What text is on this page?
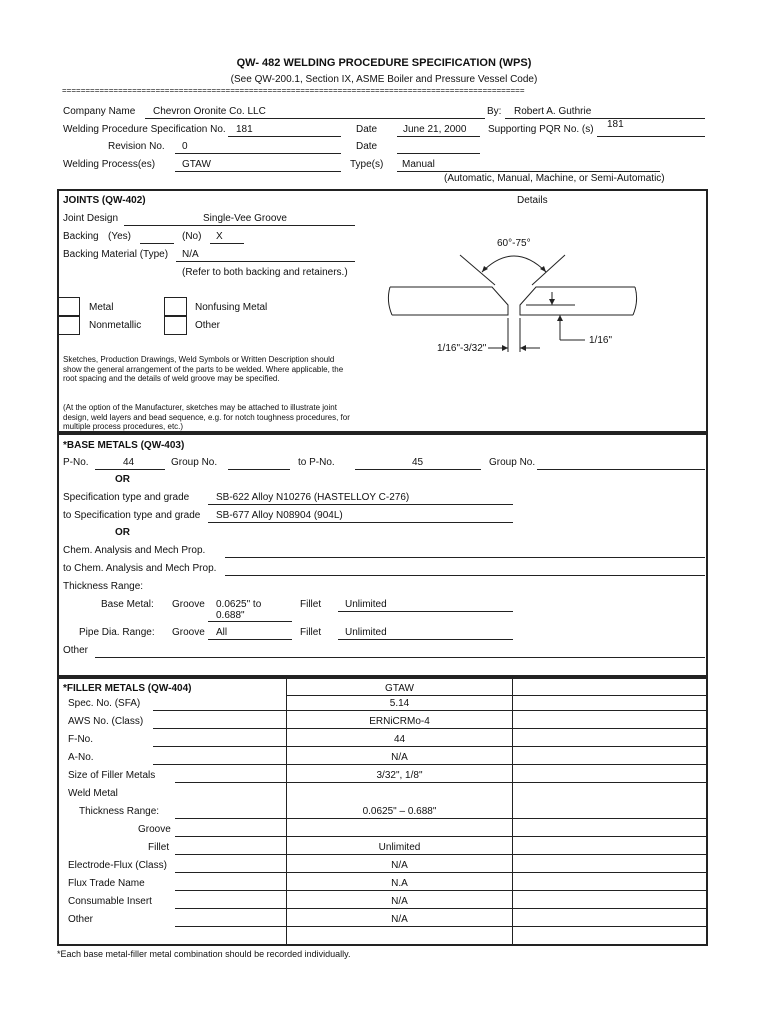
QW- 482 WELDING PROCEDURE SPECIFICATION (WPS)
(See QW-200.1, Section IX, ASME Boiler and Pressure Vessel Code)
===================================================================================================
Company Name Chevron Oronite Co. LLC	By: Robert A. Guthrie
Welding Procedure Specification No. 181	Date	June 21, 2000 Supporting PQR No. (s) 181
Revision No. 0	Date
Welding Process(es)	GTAW	Type(s) Manual
(Automatic, Manual, Machine, or Semi-Automatic)
JOINTS (QW-402)	Details
Joint Design	Single-Vee Groove
Backing (Yes)	(No) X
Backing Material (Type) N/A
(Refer to both backing and retainers.)
Metal
Nonmetallic
Nonfusing Metal
Other
Sketches, Production Drawings, Weld Symbols or Written Description should show the general arrangement of the parts to be welded. Where applicable, the root spacing and the details of weld groove may be specified.
(At the option of the Manufacturer, sketches may be attached to illustrate joint design, weld layers and bead sequence, e.g. for notch toughness procedures, for multiple process procedures, etc.)
60°-75°
1/16"-3/32"
1/16"
*BASE METALS (QW-403)
P-No.	44	Group No.	to P-No.	45	Group No.
OR
Specification type and grade	SB-622 Alloy N10276 (HASTELLOY C-276)
to Specification type and grade SB-677 Alloy N08904 (904L)
OR
Chem. Analysis and Mech Prop.
to Chem. Analysis and Mech Prop.
Thickness Range:
Base Metal: Groove 0.0625" to
0.688"
Fillet Unlimited
Pipe Dia. Range: Groove All	Fillet Unlimited
Other
*FILLER METALS (QW-404)	GTAW
Spec. No. (SFA)	5.14
AWS No. (Class)	ERNiCRMo-4
F-No.	44
A-No.	N/A
Size of Filler Metals	3/32", 1/8"
Weld Metal
Thickness Range:	0.0625" – 0.688"
Groove
Fillet	Unlimited
Electrode-Flux (Class)	N/A
Flux Trade Name	N.A
Consumable Insert	N/A
Other	N/A
*Each base metal-filler metal combination should be recorded individually.
